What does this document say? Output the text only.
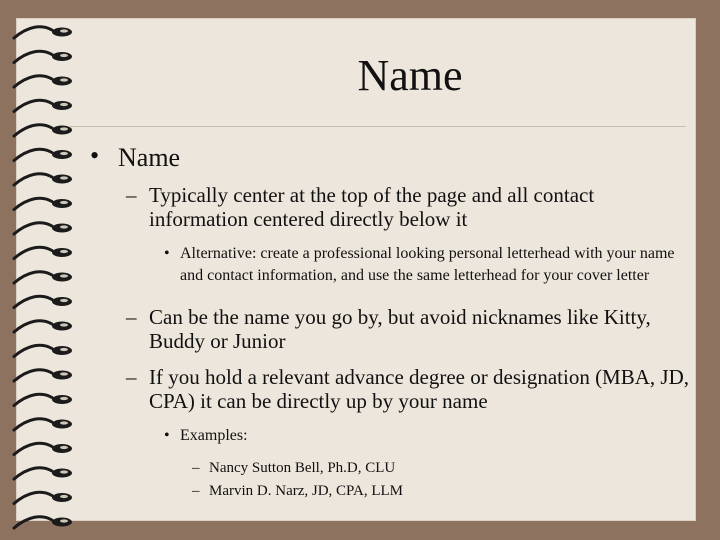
Name
• Name
– Typically center at the top of the page and all contact information centered directly below it
• Alternative: create a professional looking personal letterhead with your name and contact information, and use the same letterhead for your cover letter
– Can be the name you go by, but avoid nicknames like Kitty, Buddy or Junior
– If you hold a relevant advance degree or designation (MBA, JD, CPA) it can be directly up by your name
• Examples:
– Nancy Sutton Bell, Ph.D, CLU
– Marvin D. Narz, JD, CPA, LLM
